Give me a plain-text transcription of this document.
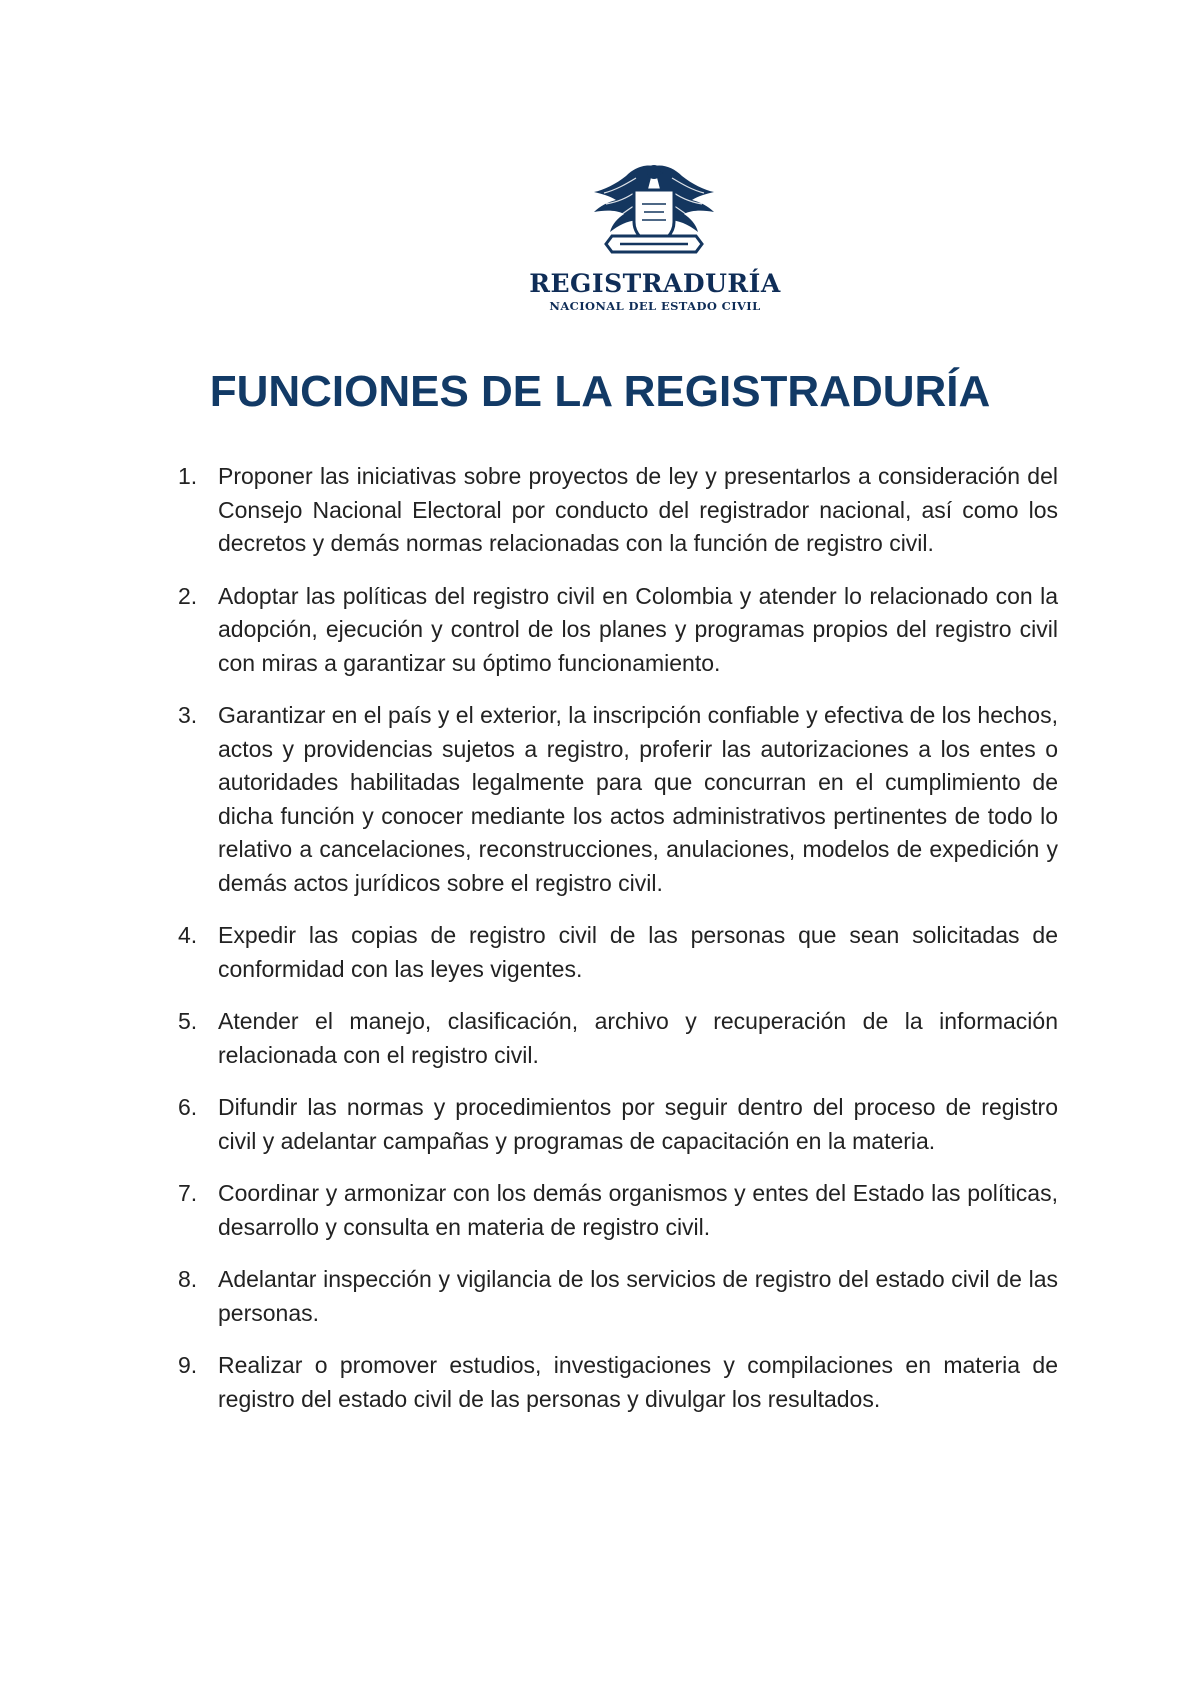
REGISTRADURÍA
NACIONAL DEL ESTADO CIVIL
FUNCIONES DE LA REGISTRADURÍA
1. Proponer las iniciativas sobre proyectos de ley y presentarlos a consideración del Consejo Nacional Electoral por conducto del registrador nacional, así como los decretos y demás normas relacionadas con la función de registro civil.
2. Adoptar las políticas del registro civil en Colombia y atender lo relacionado con la adopción, ejecución y control de los planes y programas propios del registro civil con miras a garantizar su óptimo funcionamiento.
3. Garantizar en el país y el exterior, la inscripción confiable y efectiva de los hechos, actos y providencias sujetos a registro, proferir las autorizaciones a los entes o autoridades habilitadas legalmente para que concurran en el cumplimiento de dicha función y conocer mediante los actos administrativos pertinentes de todo lo relativo a cancelaciones, reconstrucciones, anulaciones, modelos de expedición y demás actos jurídicos sobre el registro civil.
4. Expedir las copias de registro civil de las personas que sean solicitadas de conformidad con las leyes vigentes.
5. Atender el manejo, clasificación, archivo y recuperación de la información relacionada con el registro civil.
6. Difundir las normas y procedimientos por seguir dentro del proceso de registro civil y adelantar campañas y programas de capacitación en la materia.
7. Coordinar y armonizar con los demás organismos y entes del Estado las políticas, desarrollo y consulta en materia de registro civil.
8. Adelantar inspección y vigilancia de los servicios de registro del estado civil de las personas.
9. Realizar o promover estudios, investigaciones y compilaciones en materia de registro del estado civil de las personas y divulgar los resultados.
